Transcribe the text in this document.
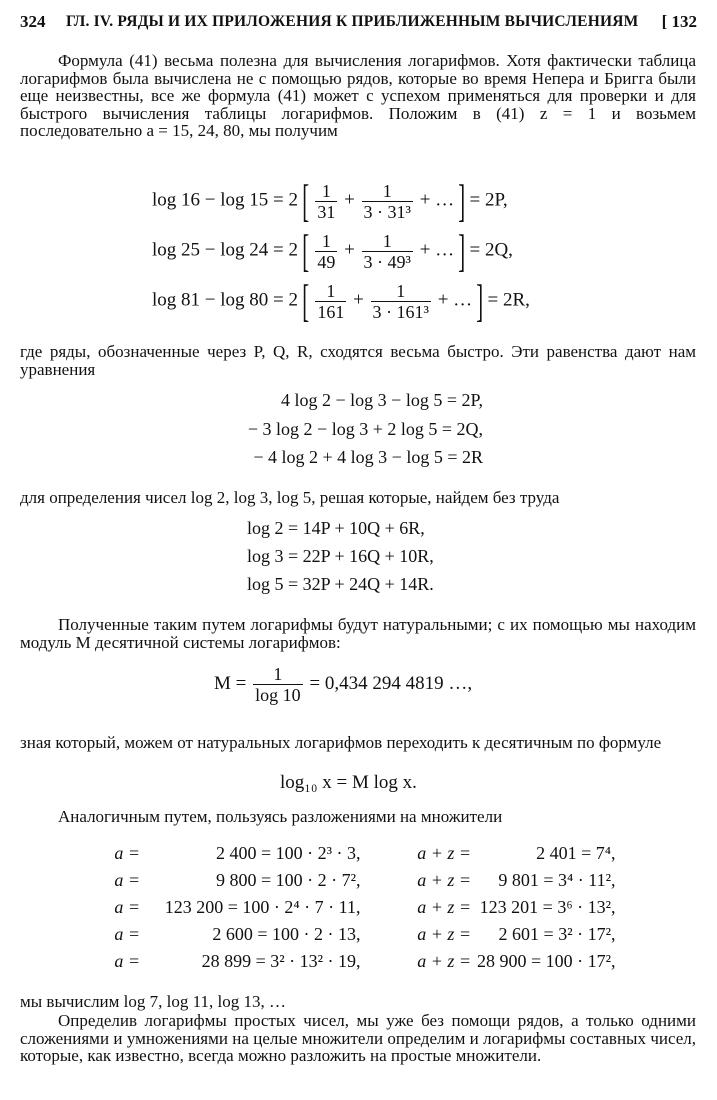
324 ГЛ. IV. РЯДЫ И ИХ ПРИЛОЖЕНИЯ К ПРИБЛИЖЕННЫМ ВЫЧИСЛЕНИЯМ [ 132
Формула (41) весьма полезна для вычисления логарифмов. Хотя фактически таблица логарифмов была вычислена не с помощью рядов, которые во время Непера и Бригга были еще неизвестны, все же формула (41) может с успехом применяться для проверки и для быстрого вычисления таблицы логарифмов. Положим в (41) z = 1 и возьмем последовательно a = 15, 24, 80, мы получим
$\log 16 - \log 15 = 2[ \frac{1}{31} + \frac{1}{\text{3 · 31³}}$ + …] = 2P,
$\log 25 - \log 24 = 2[ \frac{1}{49} + \frac{1}{\text{3 · 49³}}$ + …] = 2Q,
$\log 81 - \log 80 = 2[ \frac{1}{161} + \frac{1}{\text{3 · 161³}}$ + …] = 2R,
где ряды, обозначенные через P, Q, R, сходятся весьма быстро. Эти равенства дают нам уравнения
4 log 2 − log 3 − log 5 = 2P,
− 3 log 2 − log 3 + 2 log 5 = 2Q,
− 4 log 2 + 4 log 3 − log 5 = 2R
для определения чисел log 2, log 3, log 5, решая которые, найдем без труда
log 2 = 14P + 10Q + 6R,
log 3 = 22P + 16Q + 10R,
log 5 = 32P + 24Q + 14R.
Полученные таким путем логарифмы будут натуральными; с их помощью мы находим модуль M десятичной системы логарифмов:
$M = \frac{1}{\log 10} = 0,434$ 294 4819 …,
зная который, можем от натуральных логарифмов переходить к десятичным по формуле
log₁₀ x = M log x.
Аналогичным путем, пользуясь разложениями на множители
a =	2 400 = 100 · 2³ · 3,	a + z =	2 401 = 7⁴,
a =	9 800 = 100 · 2 · 7²,	a + z = 9 801 = 3⁴ · 11²,
a = 123 200 = 100 · 2⁴ · 7 · 11,	a + z = 123 201 = 3⁶ · 13²,
a =	2 600 = 100 · 2 · 13,	a + z = 2 601 = 3² · 17²,
a =	28 899 = 3² · 13² · 19,	a + z = 28 900 = 100 · 17²,
мы вычислим log 7, log 11, log 13, …
Определив логарифмы простых чисел, мы уже без помощи рядов, а только одними сложениями и умножениями на целые множители определим и логарифмы составных чисел, которые, как известно, всегда можно разложить на простые множители.
